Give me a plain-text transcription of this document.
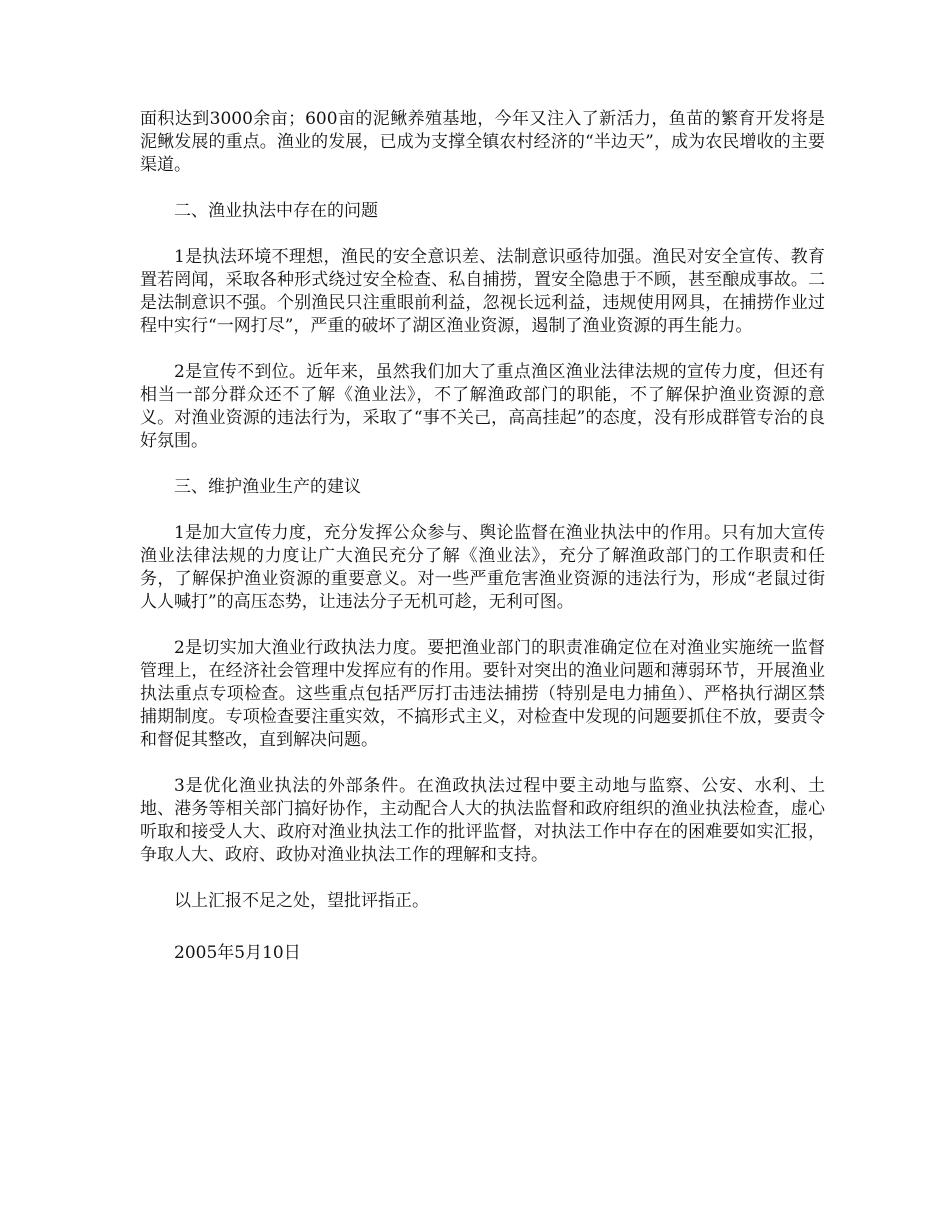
面积达到3000余亩；600亩的泥鳅养殖基地，今年又注入了新活力，鱼苗的繁育开发将是泥鳅发展的重点。渔业的发展，已成为支撑全镇农村经济的“半边天”，成为农民增收的主要渠道。

二、渔业执法中存在的问题

1是执法环境不理想，渔民的安全意识差、法制意识亟待加强。渔民对安全宣传、教育置若罔闻，采取各种形式绕过安全检查、私自捕捞，置安全隐患于不顾，甚至酿成事故。二是法制意识不强。个别渔民只注重眼前利益，忽视长远利益，违规使用网具，在捕捞作业过程中实行“一网打尽”，严重的破坏了湖区渔业资源，遏制了渔业资源的再生能力。

2是宣传不到位。近年来，虽然我们加大了重点渔区渔业法律法规的宣传力度，但还有相当一部分群众还不了解《渔业法》，不了解渔政部门的职能，不了解保护渔业资源的意义。对渔业资源的违法行为，采取了“事不关己，高高挂起”的态度，没有形成群管专治的良好氛围。

三、维护渔业生产的建议

1是加大宣传力度，充分发挥公众参与、舆论监督在渔业执法中的作用。只有加大宣传渔业法律法规的力度让广大渔民充分了解《渔业法》，充分了解渔政部门的工作职责和任务，了解保护渔业资源的重要意义。对一些严重危害渔业资源的违法行为，形成“老鼠过街人人喊打”的高压态势，让违法分子无机可趁，无利可图。

2是切实加大渔业行政执法力度。要把渔业部门的职责准确定位在对渔业实施统一监督管理上，在经济社会管理中发挥应有的作用。要针对突出的渔业问题和薄弱环节，开展渔业执法重点专项检查。这些重点包括严厉打击违法捕捞（特别是电力捕鱼）、严格执行湖区禁捕期制度。专项检查要注重实效，不搞形式主义，对检查中发现的问题要抓住不放，要责令和督促其整改，直到解决问题。

3是优化渔业执法的外部条件。在渔政执法过程中要主动地与监察、公安、水利、土地、港务等相关部门搞好协作，主动配合人大的执法监督和政府组织的渔业执法检查，虚心听取和接受人大、政府对渔业执法工作的批评监督，对执法工作中存在的困难要如实汇报，争取人大、政府、政协对渔业执法工作的理解和支持。

以上汇报不足之处，望批评指正。

2005年5月10日
